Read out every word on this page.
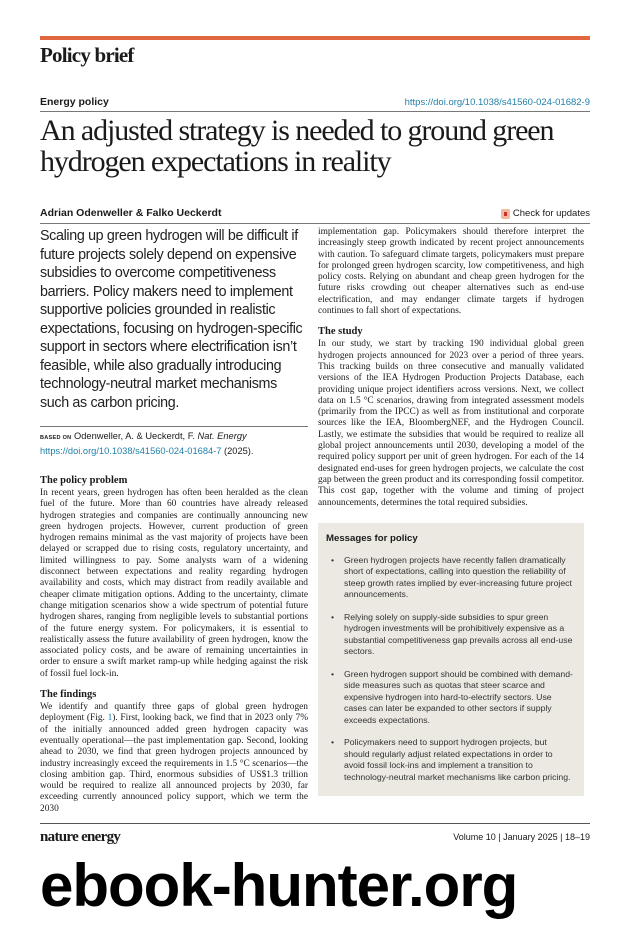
Policy brief
Energy policy	https://doi.org/10.1038/s41560-024-01682-9
An adjusted strategy is needed to ground green hydrogen expectations in reality
Adrian Odenweller & Falko Ueckerdt	Check for updates

Scaling up green hydrogen will be difficult if future projects solely depend on expensive subsidies to overcome competitiveness barriers. Policy makers need to implement supportive policies grounded in realistic expectations, focusing on hydrogen-specific support in sectors where electrification isn’t feasible, while also gradually introducing technology-neutral market mechanisms such as carbon pricing.

BASED ON Odenweller, A. & Ueckerdt, F. Nat. Energy https://doi.org/10.1038/s41560-024-01684-7 (2025).
The policy problem

In recent years, green hydrogen has often been heralded as the clean fuel of the future. More than 60 countries have already released hydrogen strategies and companies are continually announcing new green hydrogen projects. However, current production of green hydrogen remains minimal as the vast majority of projects have been delayed or scrapped due to rising costs, regulatory uncertainty, and limited willingness to pay. Some analysts warn of a widening disconnect between expectations and reality regarding hydrogen availability and costs, which may distract from readily available and cheaper climate mitigation options. Adding to the uncertainty, climate change mitigation scenarios show a wide spectrum of potential future hydrogen shares, ranging from negligible levels to substantial portions of the future energy system. For policymakers, it is essential to realistically assess the future availability of green hydrogen, know the associated policy costs, and be aware of remaining uncertainties in order to ensure a swift market ramp-up while hedging against the risk of fossil fuel lock-in.

The findings

We identify and quantify three gaps of global green hydrogen deployment (Fig. 1). First, looking back, we find that in 2023 only 7% of the initially announced added green hydrogen capacity was eventually operational—the past implementation gap. Second, looking ahead to 2030, we find that green hydrogen projects announced by industry increasingly exceed the requirements in 1.5 °C scenarios—the closing ambition gap. Third, enormous subsidies of US$1.3 trillion would be required to realize all announced projects by 2030, far exceeding currently announced policy support, which we term the 2030

implementation gap. Policymakers should therefore interpret the increasingly steep growth indicated by recent project announcements with caution. To safeguard climate targets, policymakers must prepare for prolonged green hydrogen scarcity, low competitiveness, and high policy costs. Relying on abundant and cheap green hydrogen for the future risks crowding out cheaper alternatives such as end-use electrification, and may endanger climate targets if hydrogen continues to fall short of expectations.

The study

In our study, we start by tracking 190 individual global green hydrogen projects announced for 2023 over a period of three years. This tracking builds on three consecutive and manually validated versions of the IEA Hydrogen Production Projects Database, each providing unique project identifiers across versions. Next, we collect data on 1.5 °C scenarios, drawing from integrated assessment models (primarily from the IPCC) as well as from institutional and corporate sources like the IEA, BloombergNEF, and the Hydrogen Council. Lastly, we estimate the subsidies that would be required to realize all global project announcements until 2030, developing a model of the required policy support per unit of green hydrogen. For each of the 14 designated end-uses for green hydrogen projects, we calculate the cost gap between the green product and its corresponding fossil competitor. This cost gap, together with the volume and timing of project announcements, determines the total required subsidies.

Messages for policy
• Green hydrogen projects have recently fallen dramatically short of expectations, calling into question the reliability of steep growth rates implied by ever-increasing future project announcements.
• Relying solely on supply-side subsidies to spur green hydrogen investments will be prohibitively expensive as a substantial competitiveness gap prevails across all end-use sectors.
• Green hydrogen support should be combined with demand-side measures such as quotas that steer scarce and expensive hydrogen into hard-to-electrify sectors. Use cases can later be expanded to other sectors if supply exceeds expectations.
• Policymakers need to support hydrogen projects, but should regularly adjust related expectations in order to avoid fossil lock-ins and implement a transition to technology-neutral market mechanisms like carbon pricing.
nature energy	Volume 10 | January 2025 | 18–19
ebook-hunter.org
